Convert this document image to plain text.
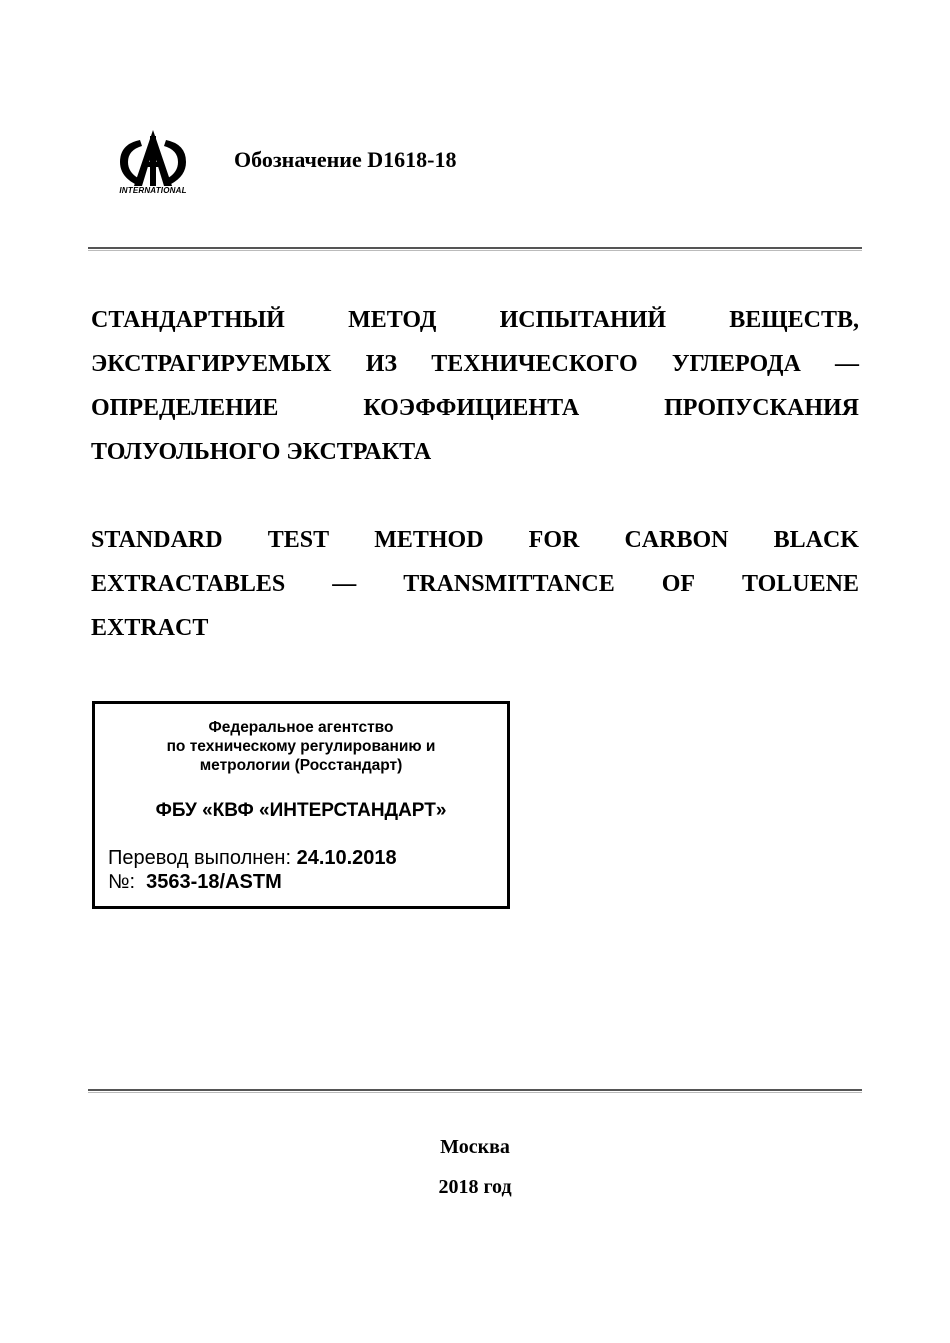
INTERNATIONAL
Обозначение D1618-18
СТАНДАРТНЫЙ	МЕТОД	ИСПЫТАНИЙ	ВЕЩЕСТВ,
ЭКСТРАГИРУЕМЫХ ИЗ ТЕХНИЧЕСКОГО УГЛЕРОДА —
ОПРЕДЕЛЕНИЕ	КОЭФФИЦИЕНТА	ПРОПУСКАНИЯ
ТОЛУОЛЬНОГО ЭКСТРАКТА
STANDARD TEST METHOD FOR CARBON BLACK
EXTRACTABLES — TRANSMITTANCE OF TOLUENE
EXTRACT
Федеральное агентство
по техническому регулированию и
метрологии (Росстандарт)
ФБУ «КВФ «ИНТЕРСТАНДАРТ»
Перевод выполнен: 24.10.2018
№: 3563-18/ASTM
Москва
2018 год
